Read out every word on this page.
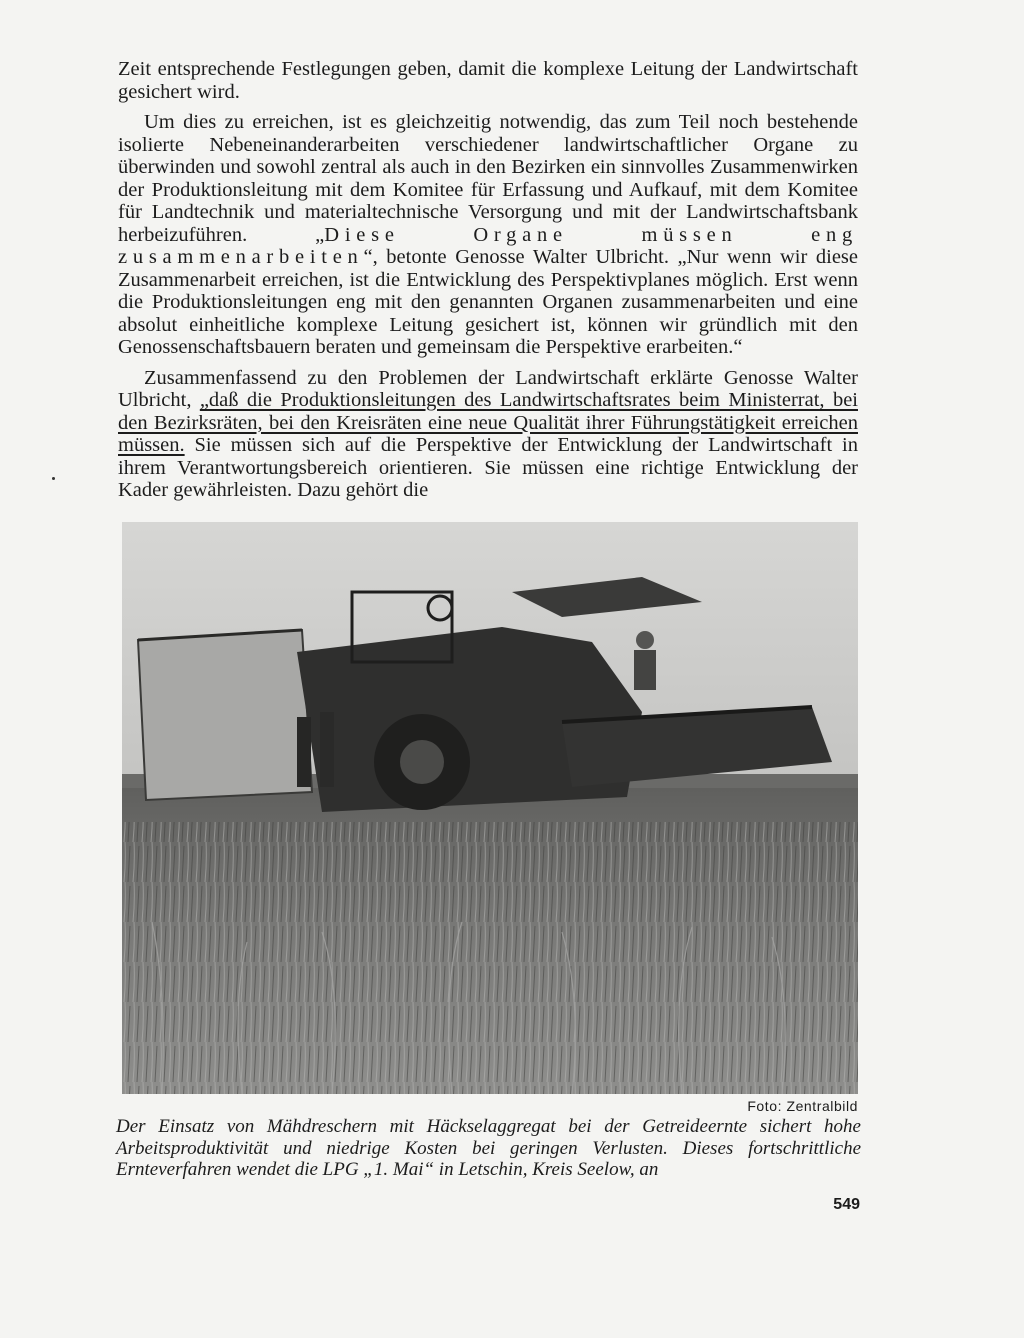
Zeit entsprechende Festlegungen geben, damit die komplexe Leitung der Landwirtschaft gesichert wird.

Um dies zu erreichen, ist es gleichzeitig notwendig, das zum Teil noch bestehende isolierte Nebeneinanderarbeiten verschiedener landwirtschaftlicher Organe zu überwinden und sowohl zentral als auch in den Bezirken ein sinnvolles Zusammenwirken der Produktionsleitung mit dem Komitee für Erfassung und Aufkauf, mit dem Komitee für Landtechnik und materialtechnische Versorgung und mit der Landwirtschaftsbank herbeizuführen. „Diese Organe müssen eng zusammenarbeiten“, betonte Genosse Walter Ulbricht. „Nur wenn wir diese Zusammenarbeit erreichen, ist die Entwicklung des Perspektivplanes möglich. Erst wenn die Produktionsleitungen eng mit den genannten Organen zusammenarbeiten und eine absolut einheitliche komplexe Leitung gesichert ist, können wir gründlich mit den Genossenschaftsbauern beraten und gemeinsam die Perspektive erarbeiten.“

Zusammenfassend zu den Problemen der Landwirtschaft erklärte Genosse Walter Ulbricht, „daß die Produktionsleitungen des Landwirtschaftsrates beim Ministerrat, bei den Bezirksräten, bei den Kreisräten eine neue Qualität ihrer Führungstätigkeit erreichen müssen. Sie müssen sich auf die Perspektive der Entwicklung der Landwirtschaft in ihrem Verantwortungsbereich orientieren. Sie müssen eine richtige Entwicklung der Kader gewährleisten. Dazu gehört die

Foto: Zentralbild
Der Einsatz von Mähdreschern mit Häckselaggregat bei der Getreideernte sichert hohe Arbeitsproduktivität und niedrige Kosten bei geringen Verlusten. Dieses fortschrittliche Ernteverfahren wendet die LPG „1. Mai“ in Letschin, Kreis Seelow, an
549
